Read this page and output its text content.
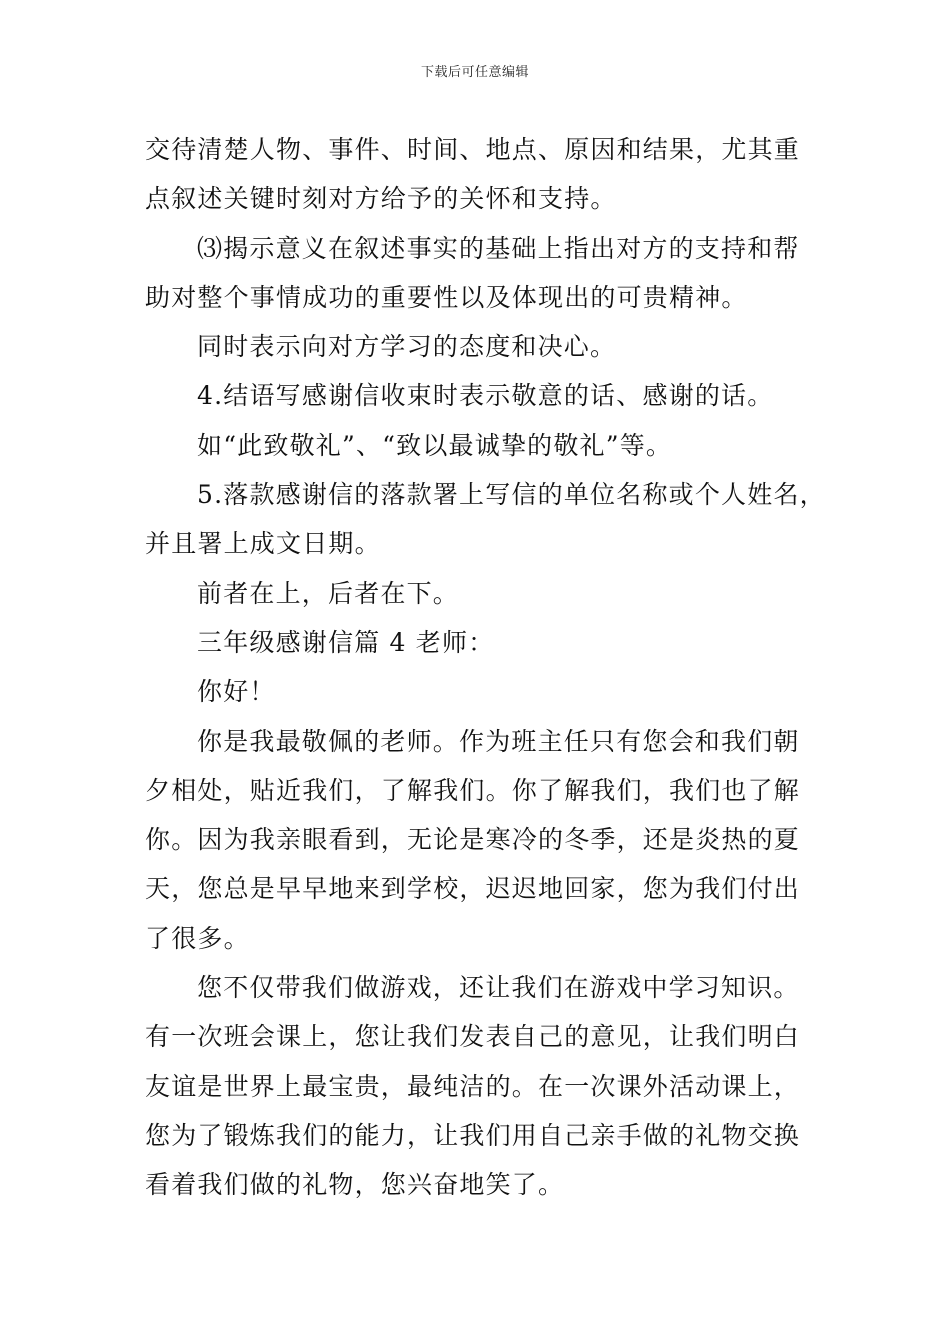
下载后可任意编辑
交待清楚人物、事件、时间、地点、原因和结果，尤其重
点叙述关键时刻对方给予的关怀和支持。
⑶揭示意义在叙述事实的基础上指出对方的支持和帮
助对整个事情成功的重要性以及体现出的可贵精神。
同时表示向对方学习的态度和决心。
4.结语写感谢信收束时表示敬意的话、感谢的话。
如“此致敬礼”、“致以最诚挚的敬礼”等。
5.落款感谢信的落款署上写信的单位名称或个人姓名，
并且署上成文日期。
前者在上，后者在下。
三年级感谢信篇 4 老师：
你好！
你是我最敬佩的老师。作为班主任只有您会和我们朝
夕相处，贴近我们，了解我们。你了解我们，我们也了解
你。因为我亲眼看到，无论是寒冷的冬季，还是炎热的夏
天，您总是早早地来到学校，迟迟地回家，您为我们付出
了很多。
您不仅带我们做游戏，还让我们在游戏中学习知识。
有一次班会课上，您让我们发表自己的意见，让我们明白
友谊是世界上最宝贵，最纯洁的。在一次课外活动课上，
您为了锻炼我们的能力，让我们用自己亲手做的礼物交换
看着我们做的礼物，您兴奋地笑了。
